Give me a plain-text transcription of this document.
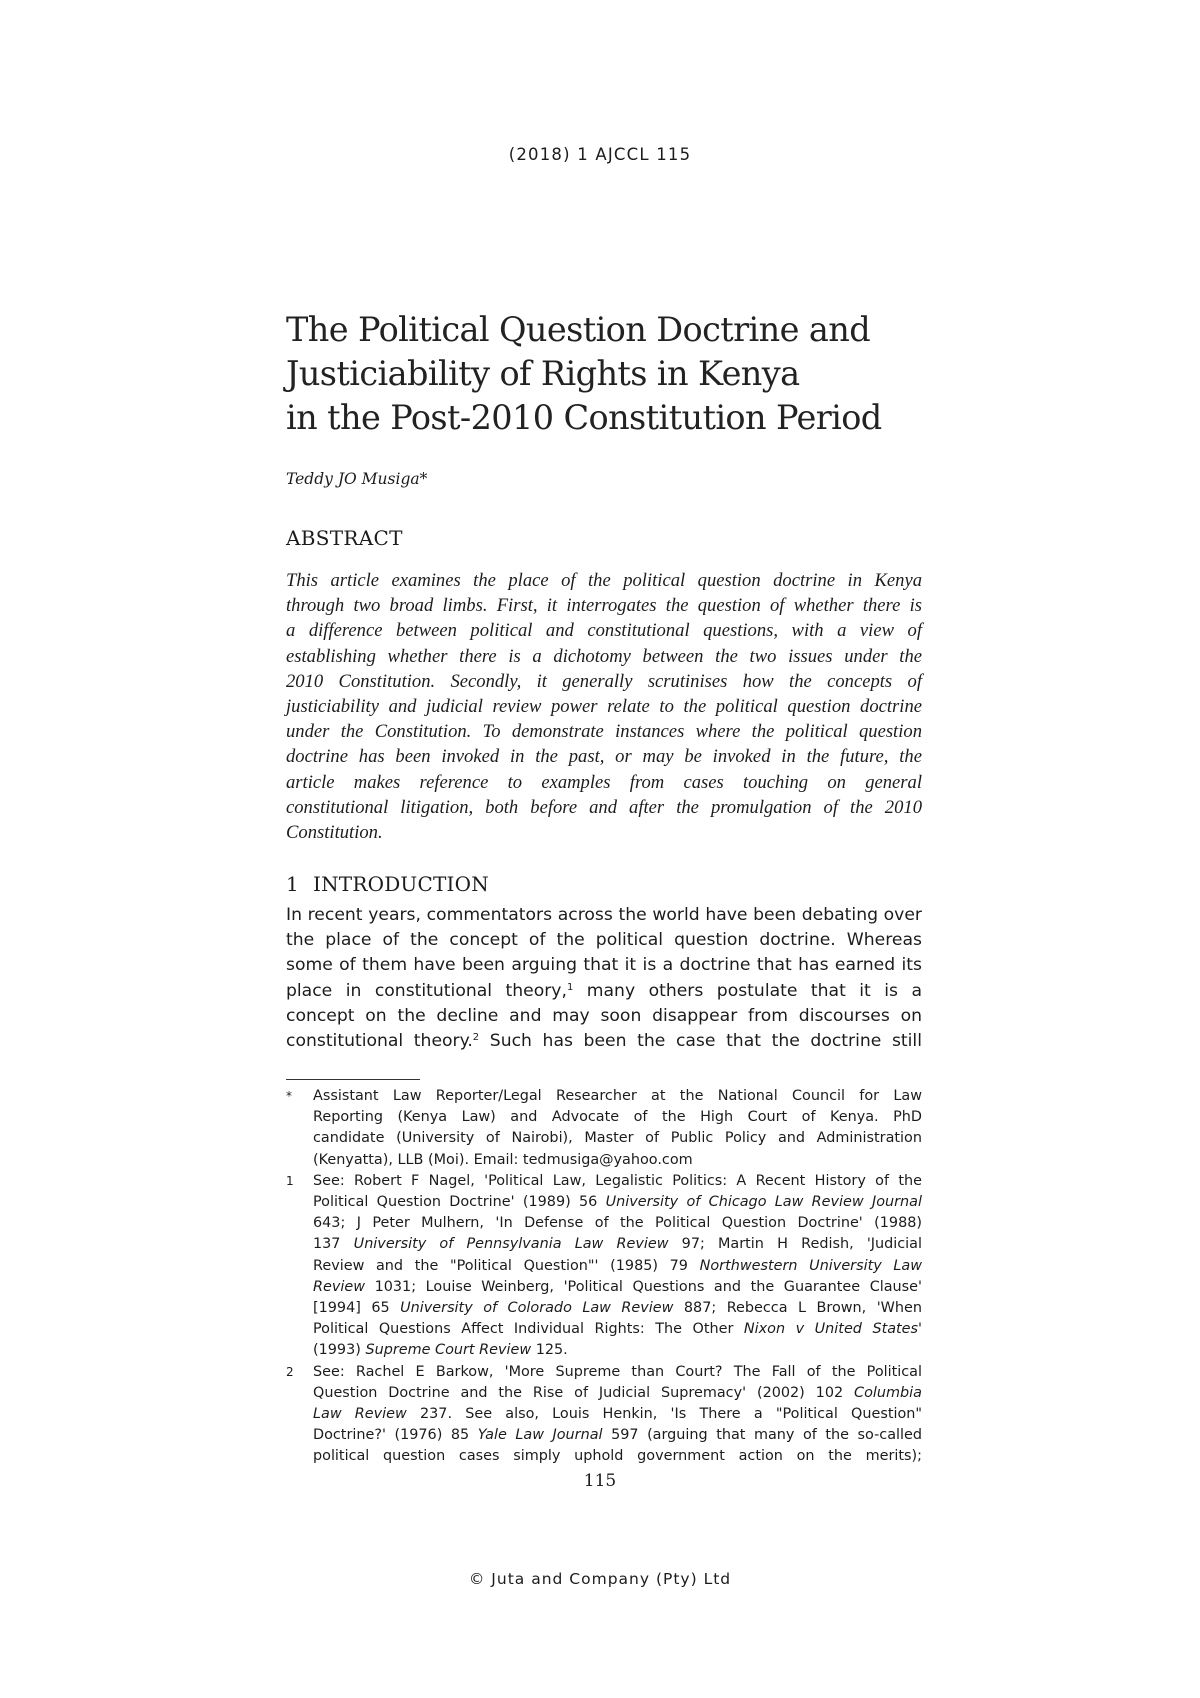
(2018) 1 AJCCL 115
The Political Question Doctrine and
Justiciability of Rights in Kenya
in the Post-2010 Constitution Period
Teddy JO Musiga*
ABSTRACT
This article examines the place of the political question doctrine in Kenya
through two broad limbs. First, it interrogates the question of whether there is
a difference between political and constitutional questions, with a view of
establishing whether there is a dichotomy between the two issues under the
2010 Constitution. Secondly, it generally scrutinises how the concepts of
justiciability and judicial review power relate to the political question doctrine
under the Constitution. To demonstrate instances where the political question
doctrine has been invoked in the past, or may be invoked in the future, the
article makes reference to examples from cases touching on general
constitutional litigation, both before and after the promulgation of the 2010
Constitution.
1 INTRODUCTION
In recent years, commentators across the world have been debating over
the place of the concept of the political question doctrine. Whereas
some of them have been arguing that it is a doctrine that has earned its
place in constitutional theory,$^1$ many others postulate that it is a
concept on the decline and may soon disappear from discourses on
constitutional theory.$^2$ Such has been the case that the doctrine still
* Assistant Law Reporter/Legal Researcher at the National Council for Law
Reporting (Kenya Law) and Advocate of the High Court of Kenya. PhD
candidate (University of Nairobi), Master of Public Policy and Administration
(Kenyatta), LLB (Moi). Email: tedmusiga@yahoo.com
1 See: Robert F Nagel, 'Political Law, Legalistic Politics: A Recent History of the
Political Question Doctrine' (1989) 56 University of Chicago Law Review Journal
643; J Peter Mulhern, 'In Defense of the Political Question Doctrine' (1988)
137 University of Pennsylvania Law Review 97; Martin H Redish, 'Judicial
Review and the "Political Question"' (1985) 79 Northwestern University Law
Review 1031; Louise Weinberg, 'Political Questions and the Guarantee Clause'
[1994] 65 University of Colorado Law Review 887; Rebecca L Brown, 'When
Political Questions Affect Individual Rights: The Other Nixon v United States'
(1993) Supreme Court Review 125.
2 See: Rachel E Barkow, 'More Supreme than Court? The Fall of the Political
Question Doctrine and the Rise of Judicial Supremacy' (2002) 102 Columbia
Law Review 237. See also, Louis Henkin, 'Is There a "Political Question"
Doctrine?' (1976) 85 Yale Law Journal 597 (arguing that many of the so-called
political question cases simply uphold government action on the merits);
115
© Juta and Company (Pty) Ltd
